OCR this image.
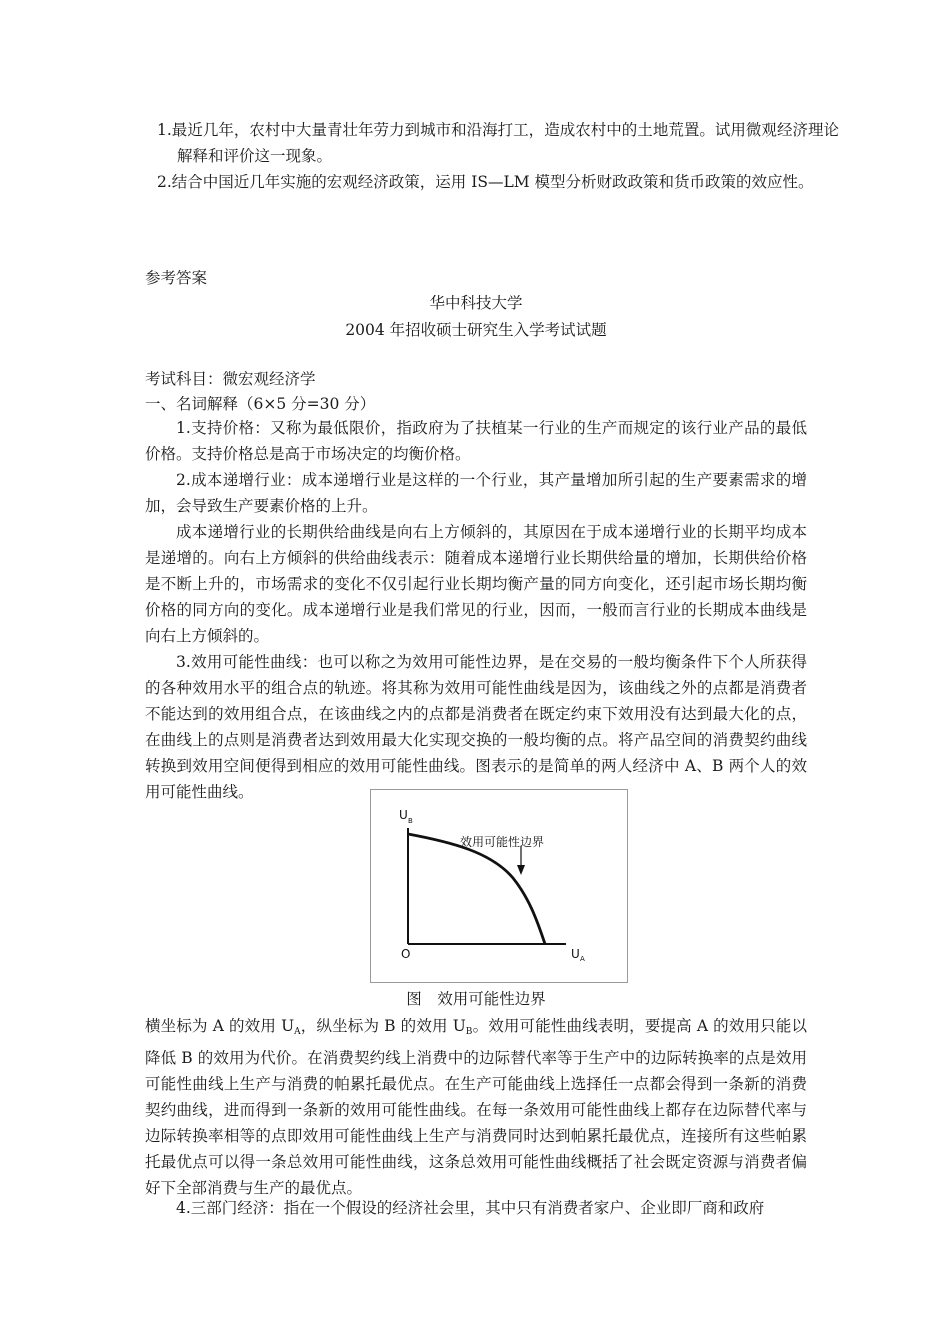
1.最近几年，农村中大量青壮年劳力到城市和沿海打工，造成农村中的土地荒置。试用微观经济理论解释和评价这一现象。
2.结合中国近几年实施的宏观经济政策，运用 IS—LM 模型分析财政政策和货币政策的效应性。
参考答案
华中科技大学
2004 年招收硕士研究生入学考试试题
考试科目：微宏观经济学
一、名词解释（6×5 分=30 分）
1.支持价格：又称为最低限价，指政府为了扶植某一行业的生产而规定的该行业产品的最低价格。支持价格总是高于市场决定的均衡价格。
2.成本递增行业：成本递增行业是这样的一个行业，其产量增加所引起的生产要素需求的增加，会导致生产要素价格的上升。
成本递增行业的长期供给曲线是向右上方倾斜的，其原因在于成本递增行业的长期平均成本是递增的。向右上方倾斜的供给曲线表示：随着成本递增行业长期供给量的增加，长期供给价格是不断上升的，市场需求的变化不仅引起行业长期均衡产量的同方向变化，还引起市场长期均衡价格的同方向的变化。成本递增行业是我们常见的行业，因而，一般而言行业的长期成本曲线是向右上方倾斜的。
3.效用可能性曲线：也可以称之为效用可能性边界，是在交易的一般均衡条件下个人所获得的各种效用水平的组合点的轨迹。将其称为效用可能性曲线是因为，该曲线之外的点都是消费者不能达到的效用组合点，在该曲线之内的点都是消费者在既定约束下效用没有达到最大化的点，在曲线上的点则是消费者达到效用最大化实现交换的一般均衡的点。将产品空间的消费契约曲线转换到效用空间便得到相应的效用可能性曲线。图表示的是简单的两人经济中 A、B 两个人的效用可能性曲线。
U B
U A
O
效用可能性边界
图　效用可能性边界
横坐标为 A 的效用 $U_A$，纵坐标为 B 的效用 $U_B$。效用可能性曲线表明，要提高 A 的效用只能以降低 B 的效用为代价。在消费契约线上消费中的边际替代率等于生产中的边际转换率的点是效用可能性曲线上生产与消费的帕累托最优点。在生产可能曲线上选择任一点都会得到一条新的消费契约曲线，进而得到一条新的效用可能性曲线。在每一条效用可能性曲线上都存在边际替代率与边际转换率相等的点即效用可能性曲线上生产与消费同时达到帕累托最优点，连接所有这些帕累托最优点可以得一条总效用可能性曲线，这条总效用可能性曲线概括了社会既定资源与消费者偏好下全部消费与生产的最优点。
4.三部门经济：指在一个假设的经济社会里，其中只有消费者家户、企业即厂商和政府
